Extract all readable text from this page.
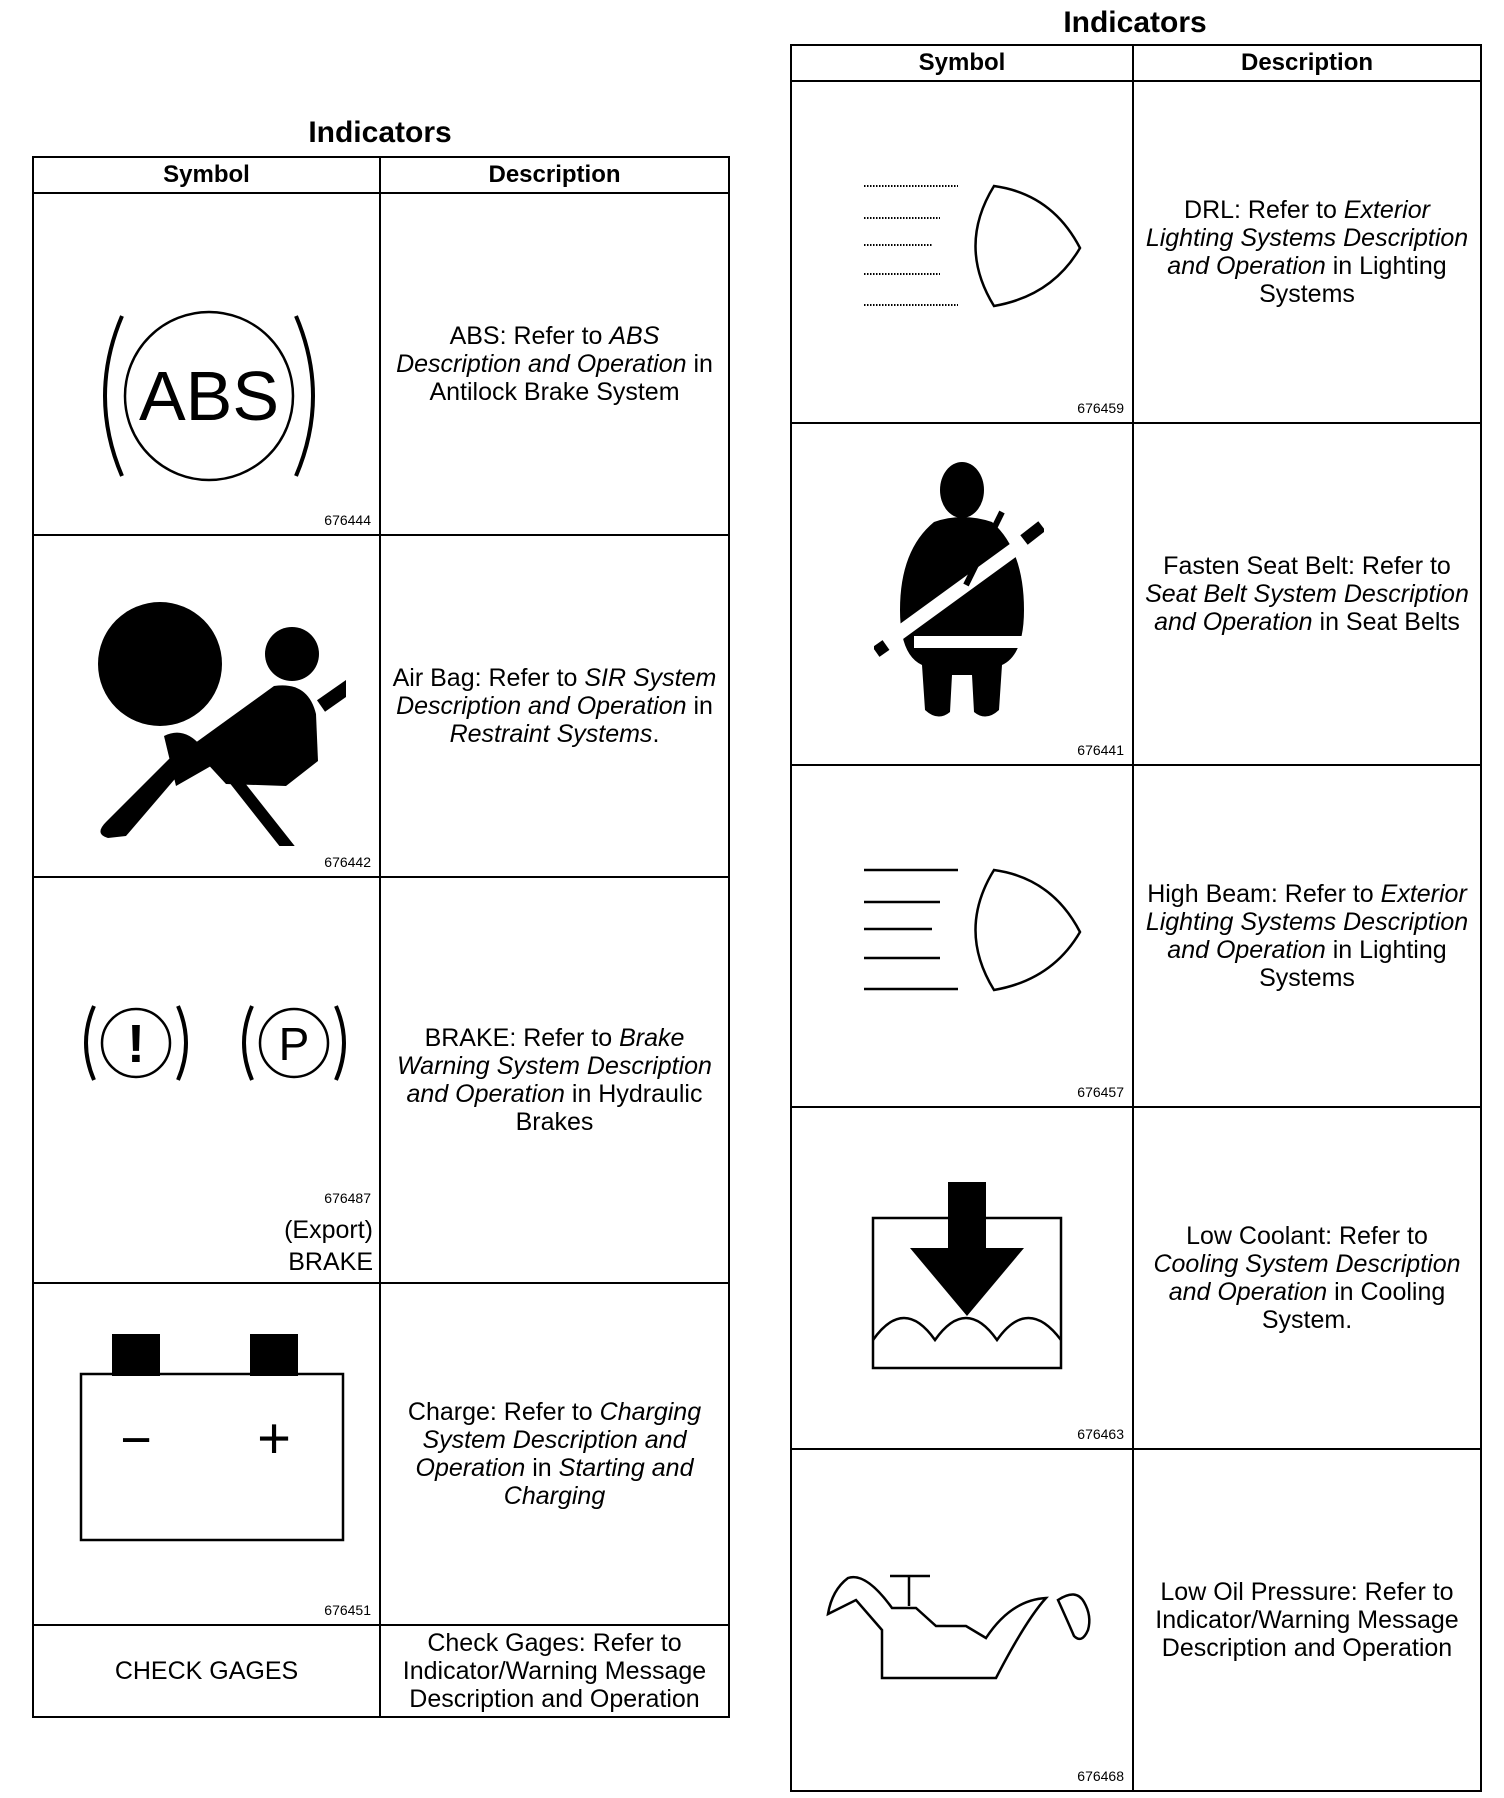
Indicators
Symbol	Description

ABS
676444	ABS: Refer to ABS Description and Operation in Antilock Brake System

676442	Air Bag: Refer to SIR System Description and Operation in Restraint Systems.

! P
676487
(Export)
BRAKE	BRAKE: Refer to Brake Warning System Description and Operation in Hydraulic Brakes

− +
676451	Charge: Refer to Charging System Description and Operation in Starting and Charging

CHECK GAGES	Check Gages: Refer to Indicator/Warning Message Description and Operation
Indicators
Symbol	Description

676459	DRL: Refer to Exterior Lighting Systems Description and Operation in Lighting Systems

676441	Fasten Seat Belt: Refer to Seat Belt System Description and Operation in Seat Belts

676457	High Beam: Refer to Exterior Lighting Systems Description and Operation in Lighting Systems

676463	Low Coolant: Refer to Cooling System Description and Operation in Cooling System.

676468	Low Oil Pressure: Refer to Indicator/Warning Message Description and Operation
